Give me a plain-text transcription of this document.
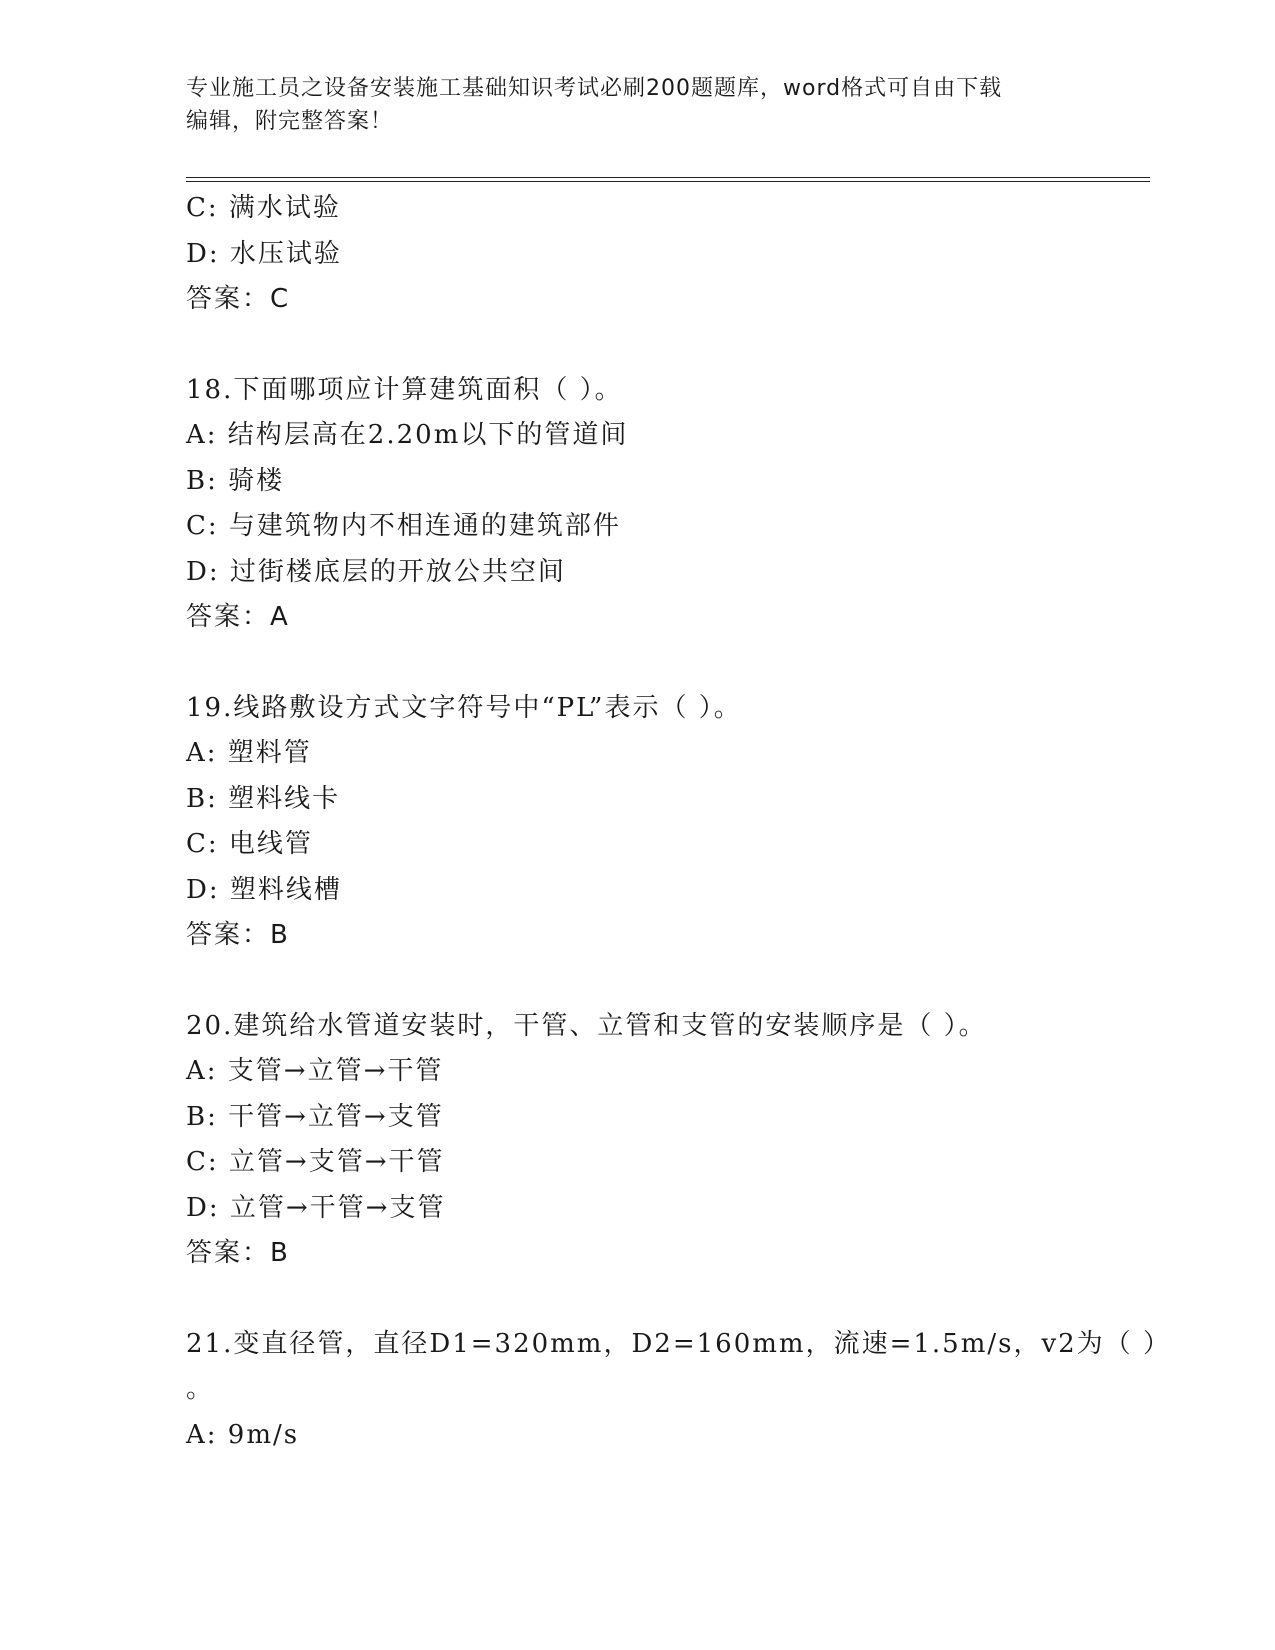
专业施工员之设备安装施工基础知识考试必刷200题题库，word格式可自由下载
编辑，附完整答案！
C: 满水试验
D: 水压试验
答案：C
18.下面哪项应计算建筑面积（ ）。
A: 结构层高在2.20m以下的管道间
B: 骑楼
C: 与建筑物内不相连通的建筑部件
D: 过街楼底层的开放公共空间
答案：A
19.线路敷设方式文字符号中“PL”表示（ ）。
A: 塑料管
B: 塑料线卡
C: 电线管
D: 塑料线槽
答案：B
20.建筑给水管道安装时，干管、立管和支管的安装顺序是（ ）。
A: 支管→立管→干管
B: 干管→立管→支管
C: 立管→支管→干管
D: 立管→干管→支管
答案：B
21.变直径管，直径D1=320mm，D2=160mm，流速=1.5m/s，v2为（ ）
。
A: 9m/s
